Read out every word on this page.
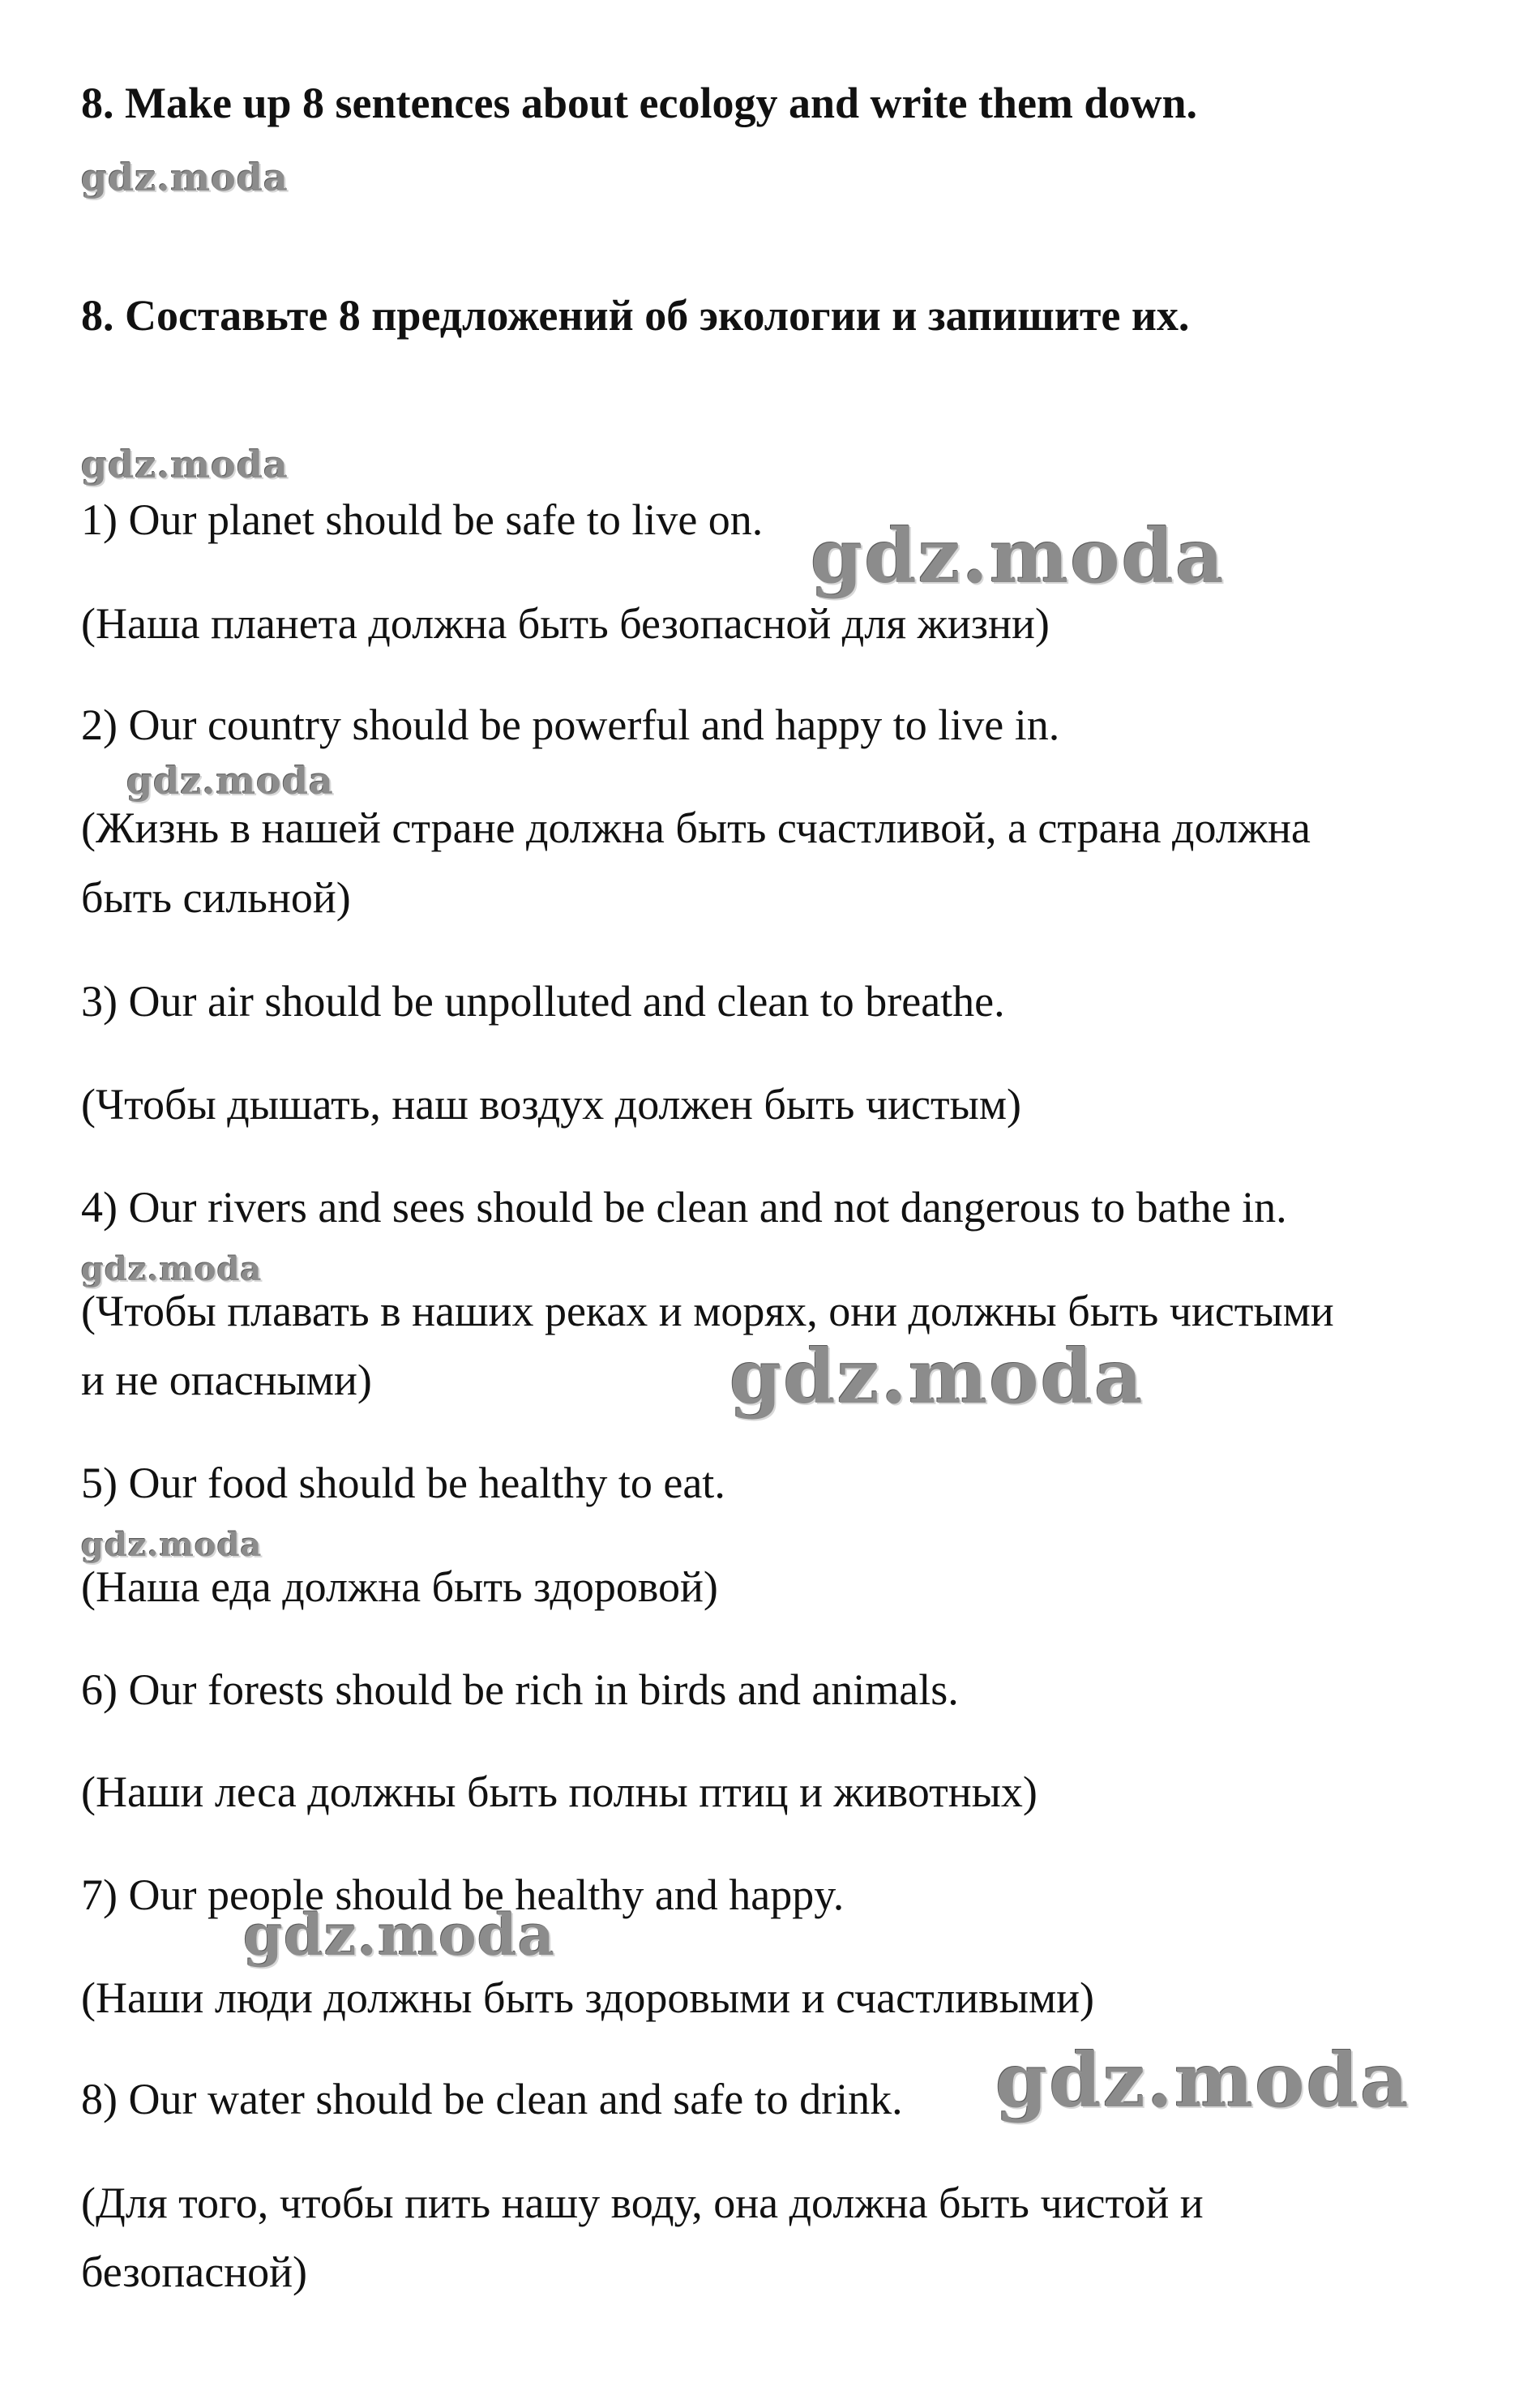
8. Make up 8 sentences about ecology and write them down.
8. Составьте 8 предложений об экологии и запишите их.
1) Our planet should be safe to live on.
(Наша планета должна быть безопасной для жизни)
2) Our country should be powerful and happy to live in.
(Жизнь в нашей стране должна быть счастливой, а страна должна
быть сильной)
3) Our air should be unpolluted and clean to breathe.
(Чтобы дышать, наш воздух должен быть чистым)
4) Our rivers and sees should be clean and not dangerous to bathe in.
(Чтобы плавать в наших реках и морях, они должны быть чистыми
и не опасными)
5) Our food should be healthy to eat.
(Наша еда должна быть здоровой)
6) Our forests should be rich in birds and animals.
(Наши леса должны быть полны птиц и животных)
7) Our people should be healthy and happy.
(Наши люди должны быть здоровыми и счастливыми)
8) Our water should be clean and safe to drink.
(Для того, чтобы пить нашу воду, она должна быть чистой и
безопасной)
gdz.moda
gdz.moda
gdz.moda
gdz.moda
gdz.moda
gdz.moda
gdz.moda
gdz.moda
gdz.moda
